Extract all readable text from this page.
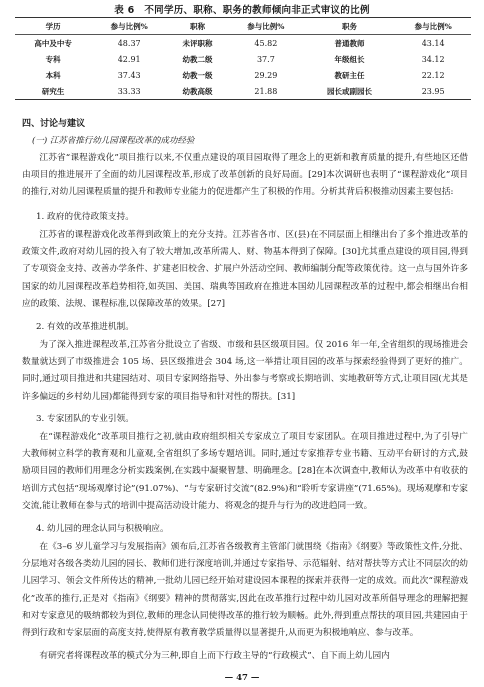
表 6　不同学历、职称、职务的教师倾向非正式审议的比例
学历	参与比例%	职称	参与比例%	职务	参与比例%
高中及中专	48.37	未评职称	45.82	普通教师	43.14
专科	42.91	幼教二级	37.7	年级组长	34.12
本科	37.43	幼教一级	29.29	教研主任	22.12
研究生	33.33	幼教高级	21.88	园长或副园长	23.95
四、讨论与建议
(一) 江苏省推行幼儿园课程改革的成功经验

江苏省“课程游戏化”项目推行以来,不仅重点建设的项目园取得了理念上的更新和教育质量的提升,有些地区还借由项目的推进展开了全面的幼儿园课程改革,形成了改革创新的良好局面。[29]本次调研也表明了“课程游戏化”项目的推行,对幼儿园课程质量的提升和教师专业能力的促进都产生了积极的作用。分析其背后积极推动因素主要包括:

1. 政府的优待政策支持。

江苏省的课程游戏化改革得到政策上的充分支持。江苏省各市、区(县)在不同层面上相继出台了多个推进改革的政策文件,政府对幼儿园的投入有了较大增加,改革所需人、财、物基本得到了保障。[30]尤其重点建设的项目园,得到了专项资金支持、改善办学条件、扩建老旧校舍、扩展户外活动空间、教师编制分配等政策优待。这一点与国外许多国家的幼儿园课程改革趋势相符,如英国、美国、瑞典等国政府在推进本国幼儿园课程改革的过程中,都会相继出台相应的政策、法规、课程标准,以保障改革的效果。[27]

2. 有效的改革推进机制。

为了深入推进课程改革,江苏省分批设立了省级、市级和县区级项目园。仅 2016 年一年,全省组织的现场推进会数量就达到了市级推进会 105 场、县区级推进会 304 场,这一举措让项目园的改革与探索经验得到了更好的推广。同时,通过项目推进和共建园结对、项目专家网络指导、外出参与考察或长期培训、实地教研等方式,让项目园(尤其是许多偏远的乡村幼儿园)都能得到专家的项目指导和针对性的帮扶。[31]

3. 专家团队的专业引领。

在“课程游戏化”改革项目推行之初,就由政府组织相关专家成立了项目专家团队。在项目推进过程中,为了引导广大教师树立科学的教育观和儿童观,全省组织了多场专题培训。同时,通过专家推荐专业书籍、互动平台研讨的方式,鼓励项目园的教师们用理念分析实践案例,在实践中凝聚智慧、明确理念。[28]在本次调查中,教师认为改革中有收获的培训方式包括“现场观摩讨论”(91.07%)、“与专家研讨交流”(82.9%)和“聆听专家讲座”(71.65%)。现场观摩和专家交流,能让教师在参与式的培训中提高活动设计能力、将观念的提升与行为的改进趋同一致。

4. 幼儿园的理念认同与积极响应。

在《3–6 岁儿童学习与发展指南》颁布后,江苏省各级教育主管部门就围绕《指南》《纲要》等政策性文件,分批、分层地对各级各类幼儿园的园长、教师们进行深度培训,并通过专家指导、示范辐射、结对帮扶等方式让不同层次的幼儿园学习、领会文件所传达的精神,一批幼儿园已经开始对建设园本课程的探索并获得一定的成效。而此次“课程游戏化”改革的推行,正是对《指南》《纲要》精神的贯彻落实,因此在改革推行过程中幼儿园对改革所倡导理念的理解把握和对专家意见的吸纳都较为到位,教师的理念认同使得改革的推行较为顺畅。此外,得到重点帮扶的项目园,共建园由于得到行政和专家层面的高度支持,使得原有教育教学质量得以显著提升,从而更为积极地响应、参与改革。

有研究者将课程改革的模式分为三种,即自上而下行政主导的“行政模式”、自下而上幼儿园内

— 47 —
